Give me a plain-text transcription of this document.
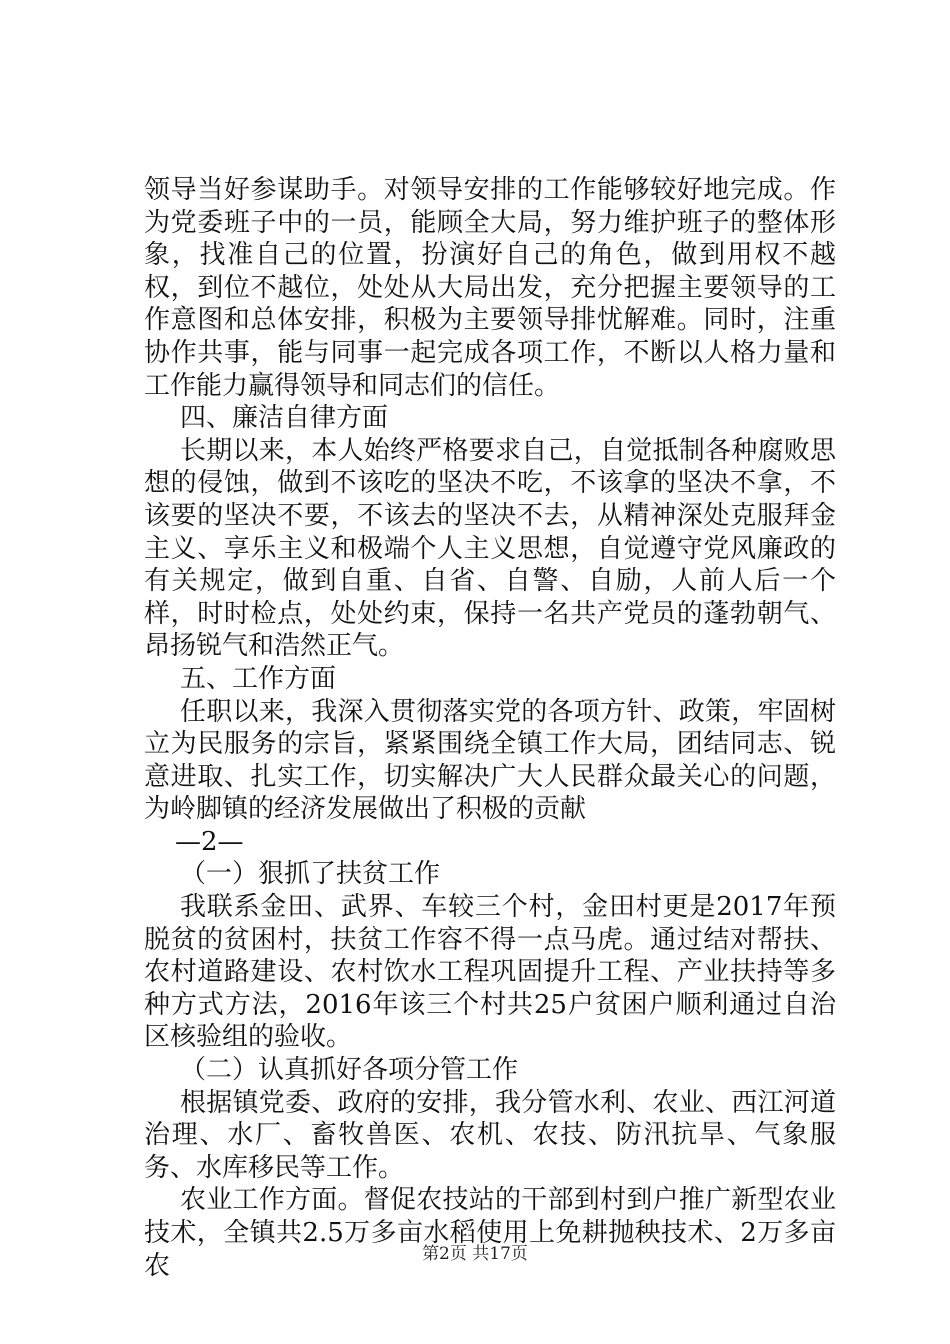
领导当好参谋助手。对领导安排的工作能够较好地完成。作为党委班子中的一员，能顾全大局，努力维护班子的整体形象，找准自己的位置，扮演好自己的角色，做到用权不越权，到位不越位，处处从大局出发，充分把握主要领导的工作意图和总体安排，积极为主要领导排忧解难。同时，注重协作共事，能与同事一起完成各项工作，不断以人格力量和工作能力赢得领导和同志们的信任。

四、廉洁自律方面

长期以来，本人始终严格要求自己，自觉抵制各种腐败思想的侵蚀，做到不该吃的坚决不吃，不该拿的坚决不拿，不该要的坚决不要，不该去的坚决不去，从精神深处克服拜金主义、享乐主义和极端个人主义思想，自觉遵守党风廉政的有关规定，做到自重、自省、自警、自励，人前人后一个样，时时检点，处处约束，保持一名共产党员的蓬勃朝气、昂扬锐气和浩然正气。

五、工作方面

任职以来，我深入贯彻落实党的各项方针、政策，牢固树立为民服务的宗旨，紧紧围绕全镇工作大局，团结同志、锐意进取、扎实工作，切实解决广大人民群众最关心的问题，为岭脚镇的经济发展做出了积极的贡献

—2—

（一）狠抓了扶贫工作

我联系金田、武界、车较三个村，金田村更是2017年预脱贫的贫困村，扶贫工作容不得一点马虎。通过结对帮扶、农村道路建设、农村饮水工程巩固提升工程、产业扶持等多种方式方法，2016年该三个村共25户贫困户顺利通过自治区核验组的验收。

（二）认真抓好各项分管工作

根据镇党委、政府的安排，我分管水利、农业、西江河道治理、水厂、畜牧兽医、农机、农技、防汛抗旱、气象服务、水库移民等工作。

农业工作方面。督促农技站的干部到村到户推广新型农业技术，全镇共2.5万多亩水稻使用上免耕抛秧技术、2万多亩农	第2页 共17页
